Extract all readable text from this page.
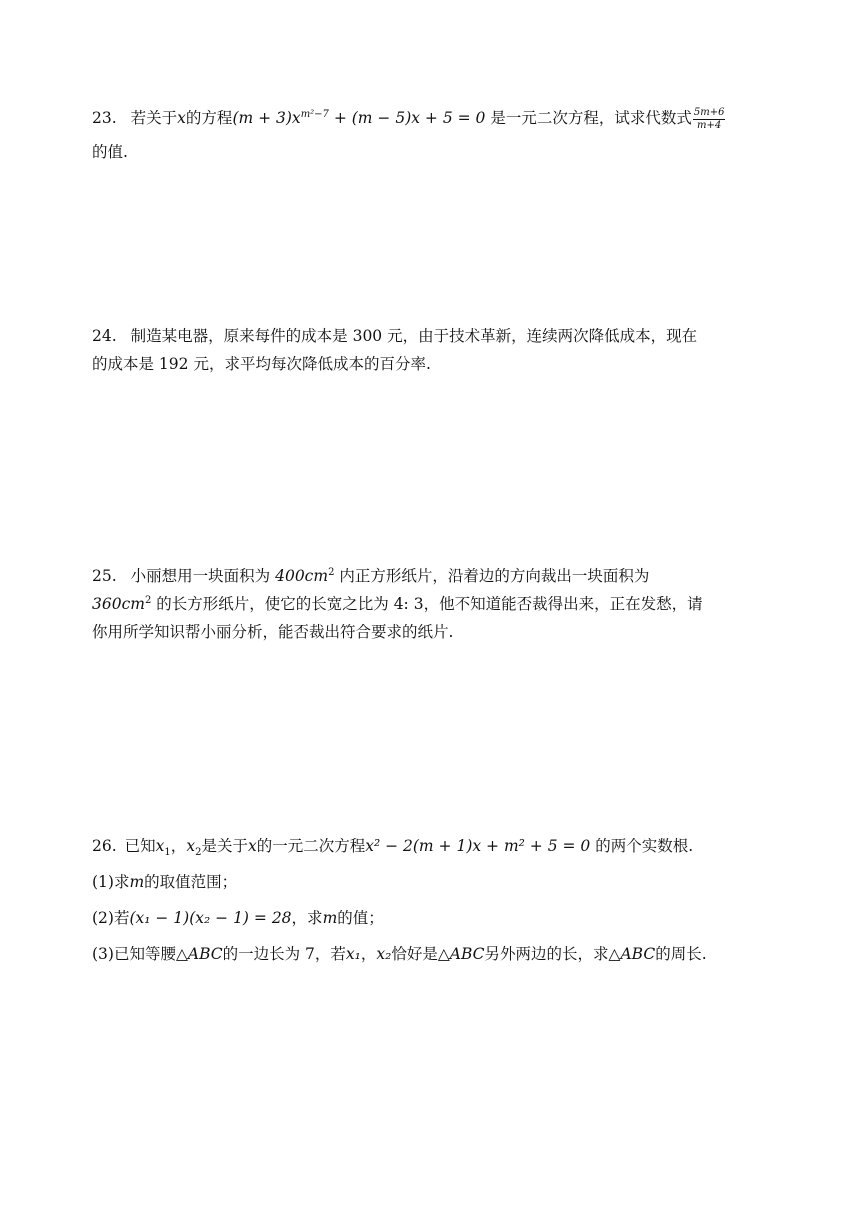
23. 若关于x的方程$(m + 3)x^{m^2-7} + (m - 5)x + 5 = 0$ 是一元二次方程，试求代数式 $\frac{5m+6}{m+4}$
的值.
24. 制造某电器，原来每件的成本是 300 元，由于技术革新，连续两次降低成本，现在
的成本是 192 元，求平均每次降低成本的百分率.
25. 小丽想用一块面积为 $400cm^2$ 内正方形纸片，沿着边的方向裁出一块面积为
$360cm^2$ 的长方形纸片，使它的长宽之比为 4: 3，他不知道能否裁得出来，正在发愁，请
你用所学知识帮小丽分析，能否裁出符合要求的纸片.
26. 已知$x_1$，$x_2$是关于x的一元二次方程x² − 2(m + 1)x + m² + 5 = 0 的两个实数根.
(1)求m的取值范围；
(2)若(x₁ − 1)(x₂ − 1) = 28，求m的值；
(3)已知等腰△ABC的一边长为 7，若x₁，x₂恰好是△ABC另外两边的长，求△ABC的周长.
